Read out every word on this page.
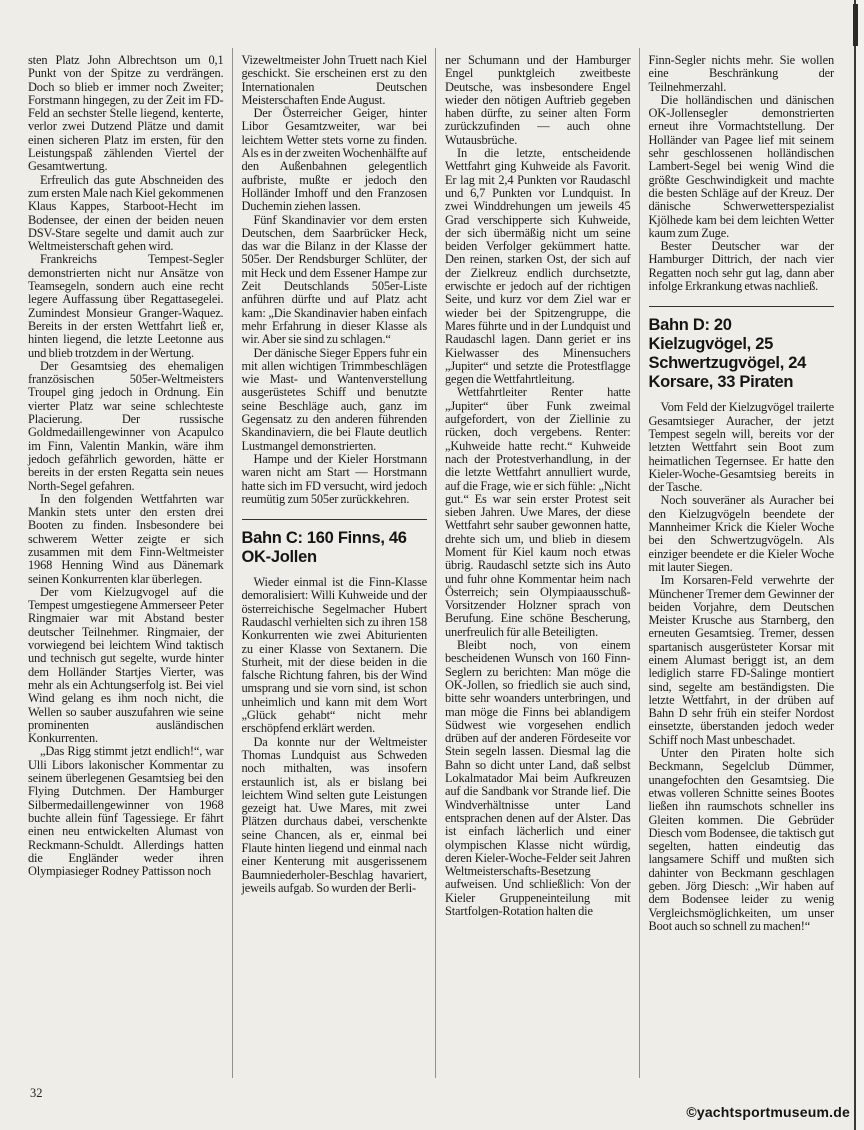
sten Platz John Albrechtson um 0,1 Punkt von der Spitze zu verdrängen. Doch so blieb er immer noch Zweiter; Forstmann hingegen, zu der Zeit im FD-Feld an sechster Stelle liegend, kenterte, verlor zwei Dutzend Plätze und damit einen sicheren Platz im ersten, für den Leistungspaß zählenden Viertel der Gesamtwertung.

Erfreulich das gute Abschneiden des zum ersten Male nach Kiel gekommenen Klaus Kappes, Starboot-Hecht im Bodensee, der einen der beiden neuen DSV-Stare segelte und damit auch zur Weltmeisterschaft gehen wird.

Frankreichs Tempest-Segler demonstrierten nicht nur Ansätze von Teamsegeln, sondern auch eine recht legere Auffassung über Regattasegelei. Zumindest Monsieur Granger-Waquez. Bereits in der ersten Wettfahrt ließ er, hinten liegend, die letzte Leetonne aus und blieb trotzdem in der Wertung.

Der Gesamtsieg des ehemaligen französischen 505er-Weltmeisters Troupel ging jedoch in Ordnung. Ein vierter Platz war seine schlechteste Placierung. Der russische Goldmedaillengewinner von Acapulco im Finn, Valentin Mankin, wäre ihm jedoch gefährlich geworden, hätte er bereits in der ersten Regatta sein neues North-Segel gefahren.

In den folgenden Wettfahrten war Mankin stets unter den ersten drei Booten zu finden. Insbesondere bei schwerem Wetter zeigte er sich zusammen mit dem Finn-Weltmeister 1968 Henning Wind aus Dänemark seinen Konkurrenten klar überlegen.

Der vom Kielzugvogel auf die Tempest umgestiegene Ammerseer Peter Ringmaier war mit Abstand bester deutscher Teilnehmer. Ringmaier, der vorwiegend bei leichtem Wind taktisch und technisch gut segelte, wurde hinter dem Holländer Startjes Vierter, was mehr als ein Achtungserfolg ist. Bei viel Wind gelang es ihm noch nicht, die Wellen so sauber auszufahren wie seine prominenten ausländischen Konkurrenten.

„Das Rigg stimmt jetzt endlich!“, war Ulli Libors lakonischer Kommentar zu seinem überlegenen Gesamtsieg bei den Flying Dutchmen. Der Hamburger Silbermedaillengewinner von 1968 buchte allein fünf Tagessiege. Er fährt einen neu entwickelten Alumast von Reckmann-Schuldt. Allerdings hatten die Engländer weder ihren Olympiasieger Rodney Pattisson noch

Vizeweltmeister John Truett nach Kiel geschickt. Sie erscheinen erst zu den Internationalen Deutschen Meisterschaften Ende August.

Der Österreicher Geiger, hinter Libor Gesamtzweiter, war bei leichtem Wetter stets vorne zu finden. Als es in der zweiten Wochenhälfte auf den Außenbahnen gelegentlich aufbriste, mußte er jedoch den Holländer Imhoff und den Franzosen Duchemin ziehen lassen.

Fünf Skandinavier vor dem ersten Deutschen, dem Saarbrücker Heck, das war die Bilanz in der Klasse der 505er. Der Rendsburger Schlüter, der mit Heck und dem Essener Hampe zur Zeit Deutschlands 505er-Liste anführen dürfte und auf Platz acht kam: „Die Skandinavier haben einfach mehr Erfahrung in dieser Klasse als wir. Aber sie sind zu schlagen.“

Der dänische Sieger Eppers fuhr ein mit allen wichtigen Trimmbeschlägen wie Mast- und Wantenverstellung ausgerüstetes Schiff und benutzte seine Beschläge auch, ganz im Gegensatz zu den anderen führenden Skandinaviern, die bei Flaute deutlich Lustmangel demonstrierten.

Hampe und der Kieler Horstmann waren nicht am Start — Horstmann hatte sich im FD versucht, wird jedoch reumütig zum 505er zurückkehren.

Bahn C: 160 Finns, 46 OK-Jollen

Wieder einmal ist die Finn-Klasse demoralisiert: Willi Kuhweide und der österreichische Segelmacher Hubert Raudaschl verhielten sich zu ihren 158 Konkurrenten wie zwei Abiturienten zu einer Klasse von Sextanern. Die Sturheit, mit der diese beiden in die falsche Richtung fahren, bis der Wind umsprang und sie vorn sind, ist schon unheimlich und kann mit dem Wort „Glück gehabt“ nicht mehr erschöpfend erklärt werden.

Da konnte nur der Weltmeister Thomas Lundquist aus Schweden noch mithalten, was insofern erstaunlich ist, als er bislang bei leichtem Wind selten gute Leistungen gezeigt hat. Uwe Mares, mit zwei Plätzen durchaus dabei, verschenkte seine Chancen, als er, einmal bei Flaute hinten liegend und einmal nach einer Kenterung mit ausgerissenem Baumniederholer-Beschlag havariert, jeweils aufgab. So wurden der Berli-

ner Schumann und der Hamburger Engel punktgleich zweitbeste Deutsche, was insbesondere Engel wieder den nötigen Auftrieb gegeben haben dürfte, zu seiner alten Form zurückzufinden — auch ohne Wutausbrüche.

In die letzte, entscheidende Wettfahrt ging Kuhweide als Favorit. Er lag mit 2,4 Punkten vor Raudaschl und 6,7 Punkten vor Lundquist. In zwei Winddrehungen um jeweils 45 Grad verschipperte sich Kuhweide, der sich übermäßig nicht um seine beiden Verfolger gekümmert hatte. Den reinen, starken Ost, der sich auf der Zielkreuz endlich durchsetzte, erwischte er jedoch auf der richtigen Seite, und kurz vor dem Ziel war er wieder bei der Spitzengruppe, die Mares führte und in der Lundquist und Raudaschl lagen. Dann geriet er ins Kielwasser des Minensuchers „Jupiter“ und setzte die Protestflagge gegen die Wettfahrtleitung.

Wettfahrtleiter Renter hatte „Jupiter“ über Funk zweimal aufgefordert, von der Ziellinie zu rücken, doch vergebens. Renter: „Kuhweide hatte recht.“ Kuhweide nach der Protestverhandlung, in der die letzte Wettfahrt annulliert wurde, auf die Frage, wie er sich fühle: „Nicht gut.“ Es war sein erster Protest seit sieben Jahren. Uwe Mares, der diese Wettfahrt sehr sauber gewonnen hatte, drehte sich um, und blieb in diesem Moment für Kiel kaum noch etwas übrig. Raudaschl setzte sich ins Auto und fuhr ohne Kommentar heim nach Österreich; sein Olympiaausschuß-Vorsitzender Holzner sprach von Berufung. Eine schöne Bescherung, unerfreulich für alle Beteiligten.

Bleibt noch, von einem bescheidenen Wunsch von 160 Finn-Seglern zu berichten: Man möge die OK-Jollen, so friedlich sie auch sind, bitte sehr woanders unterbringen, und man möge die Finns bei ablandigem Südwest wie vorgesehen endlich drüben auf der anderen Fördeseite vor Stein segeln lassen. Diesmal lag die Bahn so dicht unter Land, daß selbst Lokalmatador Mai beim Aufkreuzen auf die Sandbank vor Strande lief. Die Windverhältnisse unter Land entsprachen denen auf der Alster. Das ist einfach lächerlich und einer olympischen Klasse nicht würdig, deren Kieler-Woche-Felder seit Jahren Weltmeisterschafts-Besetzung aufweisen. Und schließlich: Von der Kieler Gruppeneinteilung mit Startfolgen-Rotation halten die

Finn-Segler nichts mehr. Sie wollen eine Beschränkung der Teilnehmerzahl.

Die holländischen und dänischen OK-Jollensegler demonstrierten erneut ihre Vormachtstellung. Der Holländer van Pagee lief mit seinem sehr geschlossenen holländischen Lambert-Segel bei wenig Wind die größte Geschwindigkeit und machte die besten Schläge auf der Kreuz. Der dänische Schwerwetterspezialist Kjölhede kam bei dem leichten Wetter kaum zum Zuge.

Bester Deutscher war der Hamburger Dittrich, der nach vier Regatten noch sehr gut lag, dann aber infolge Erkrankung etwas nachließ.

Bahn D: 20 Kielzugvögel, 25 Schwertzugvögel, 24 Korsare, 33 Piraten

Vom Feld der Kielzugvögel trailerte Gesamtsieger Auracher, der jetzt Tempest segeln will, bereits vor der letzten Wettfahrt sein Boot zum heimatlichen Tegernsee. Er hatte den Kieler-Woche-Gesamtsieg bereits in der Tasche.

Noch souveräner als Auracher bei den Kielzugvögeln beendete der Mannheimer Krick die Kieler Woche bei den Schwertzugvögeln. Als einziger beendete er die Kieler Woche mit lauter Siegen.

Im Korsaren-Feld verwehrte der Münchener Tremer dem Gewinner der beiden Vorjahre, dem Deutschen Meister Krusche aus Starnberg, den erneuten Gesamtsieg. Tremer, dessen spartanisch ausgerüsteter Korsar mit einem Alumast beriggt ist, an dem lediglich starre FD-Salinge montiert sind, segelte am beständigsten. Die letzte Wettfahrt, in der drüben auf Bahn D sehr früh ein steifer Nordost einsetzte, überstanden jedoch weder Schiff noch Mast unbeschadet.

Unter den Piraten holte sich Beckmann, Segelclub Dümmer, unangefochten den Gesamtsieg. Die etwas volleren Schnitte seines Bootes ließen ihn raumschots schneller ins Gleiten kommen. Die Gebrüder Diesch vom Bodensee, die taktisch gut segelten, hatten eindeutig das langsamere Schiff und mußten sich dahinter von Beckmann geschlagen geben. Jörg Diesch: „Wir haben auf dem Bodensee leider zu wenig Vergleichsmöglichkeiten, um unser Boot auch so schnell zu machen!“

32
©yachtsportmuseum.de
